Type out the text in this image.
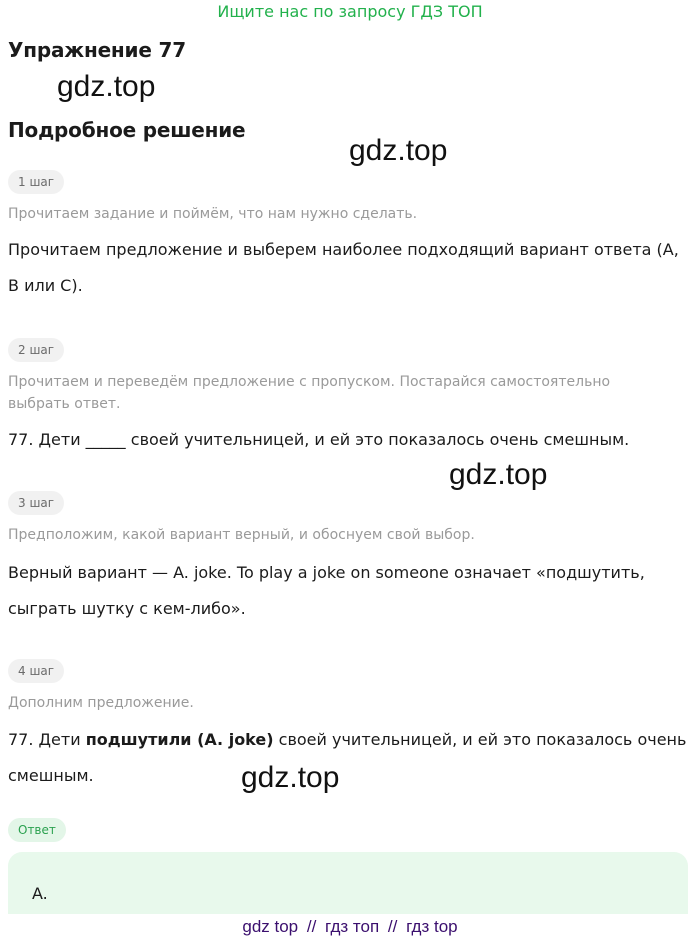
Ищите нас по запросу ГДЗ ТОП
Упражнение 77
gdz.top
Подробное решение
gdz.top
1 шаг
Прочитаем задание и поймём, что нам нужно сделать.
Прочитаем предложение и выберем наиболее подходящий вариант ответа (A, B или C).
2 шаг
Прочитаем и переведём предложение с пропуском. Постарайся самостоятельно выбрать ответ.
77. Дети _____ своей учительницей, и ей это показалось очень смешным.
gdz.top
3 шаг
Предположим, какой вариант верный, и обоснуем свой выбор.
Верный вариант — A. joke. To play a joke on someone означает «подшутить, сыграть шутку с кем-либо».
4 шаг
Дополним предложение.
77. Дети подшутили (A. joke) своей учительницей, и ей это показалось очень смешным.	gdz.top
Ответ
A.
gdz top // гдз топ // гдз top
